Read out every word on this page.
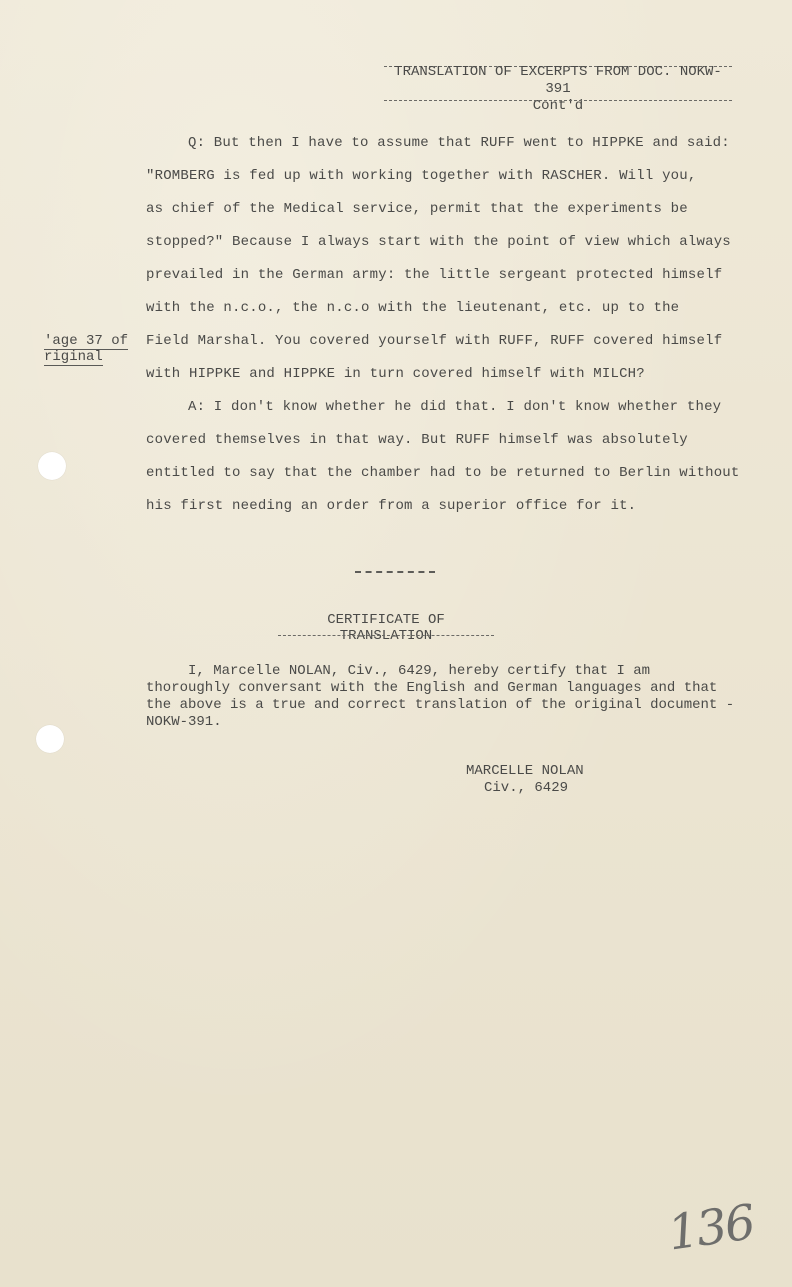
TRANSLATION OF EXCERPTS FROM DOC. NOKW-391
Cont'd
Q: But then I have to assume that RUFF went to HIPPKE and said:
"ROMBERG is fed up with working together with RASCHER. Will you,
as chief of the Medical service, permit that the experiments be
stopped?" Because I always start with the point of view which always
prevailed in the German army: the little sergeant protected himself
with the n.c.o., the n.c.o with the lieutenant, etc. up to the
Field Marshal. You covered yourself with RUFF, RUFF covered himself
with HIPPKE and HIPPKE in turn covered himself with MILCH?
A: I don't know whether he did that. I don't know whether they
covered themselves in that way. But RUFF himself was absolutely
entitled to say that the chamber had to be returned to Berlin without
his first needing an order from a superior office for it.
'age 37 of
riginal
CERTIFICATE OF TRANSLATION
I, Marcelle NOLAN, Civ., 6429, hereby certify that I am
thoroughly conversant with the English and German languages and that
the above is a true and correct translation of the original document -
NOKW-391.
MARCELLE NOLAN
Civ., 6429
136
